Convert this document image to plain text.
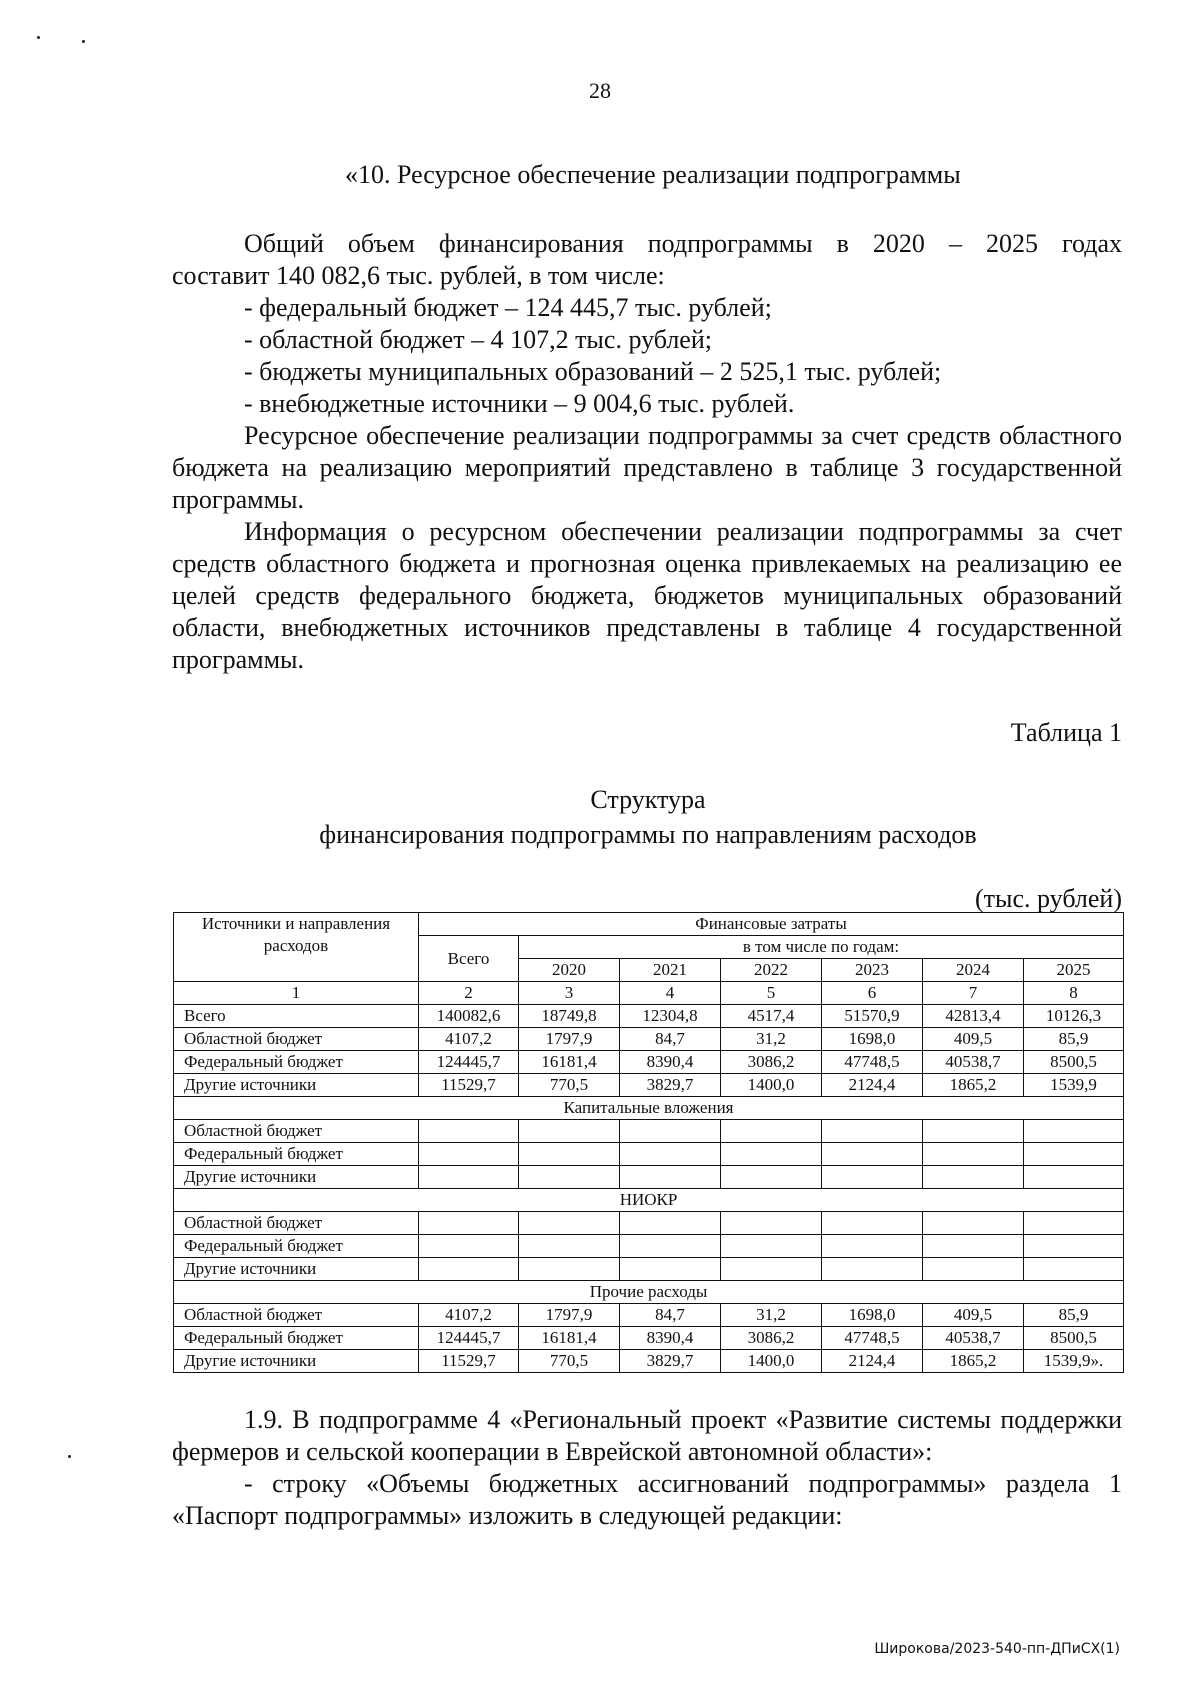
28
«10. Ресурсное обеспечение реализации подпрограммы

Общий объем финансирования подпрограммы в 2020 – 2025 годах

составит 140 082,6 тыс. рублей, в том числе:

- федеральный бюджет – 124 445,7 тыс. рублей;

- областной бюджет – 4 107,2 тыс. рублей;

- бюджеты муниципальных образований – 2 525,1 тыс. рублей;

- внебюджетные источники – 9 004,6 тыс. рублей.

Ресурсное обеспечение реализации подпрограммы за счет средств областного бюджета на реализацию мероприятий представлено в таблице 3 государственной программы.

Информация о ресурсном обеспечении реализации подпрограммы за счет средств областного бюджета и прогнозная оценка привлекаемых на реализацию ее целей средств федерального бюджета, бюджетов муниципальных образований области, внебюджетных источников представлены в таблице 4 государственной программы.

Таблица 1
Структура
финансирования подпрограммы по направлениям расходов
(тыс. рублей)
Источники и направления расходов	Финансовые затраты						
	Всего	в том числе по годам:					
		2020	2021	2022	2023	2024	2025
1	2	3	4	5	6	7	8
Всего	140082,6	18749,8	12304,8	4517,4	51570,9	42813,4	10126,3
Областной бюджет	4107,2	1797,9	84,7	31,2	1698,0	409,5	85,9
Федеральный бюджет	124445,7	16181,4	8390,4	3086,2	47748,5	40538,7	8500,5
Другие источники	11529,7	770,5	3829,7	1400,0	2124,4	1865,2	1539,9
Капитальные вложения							
Областной бюджет							
Федеральный бюджет							
Другие источники							
НИОКР							
Областной бюджет							
Федеральный бюджет							
Другие источники							
Прочие расходы							
Областной бюджет	4107,2	1797,9	84,7	31,2	1698,0	409,5	85,9
Федеральный бюджет	124445,7	16181,4	8390,4	3086,2	47748,5	40538,7	8500,5
Другие источники	11529,7	770,5	3829,7	1400,0	2124,4	1865,2	1539,9».

1.9. В подпрограмме 4 «Региональный проект «Развитие системы поддержки фермеров и сельской кооперации в Еврейской автономной области»:

- строку «Объемы бюджетных ассигнований подпрограммы» раздела 1 «Паспорт подпрограммы» изложить в следующей редакции:

Широкова/2023-540-пп-ДПиСХ(1)
